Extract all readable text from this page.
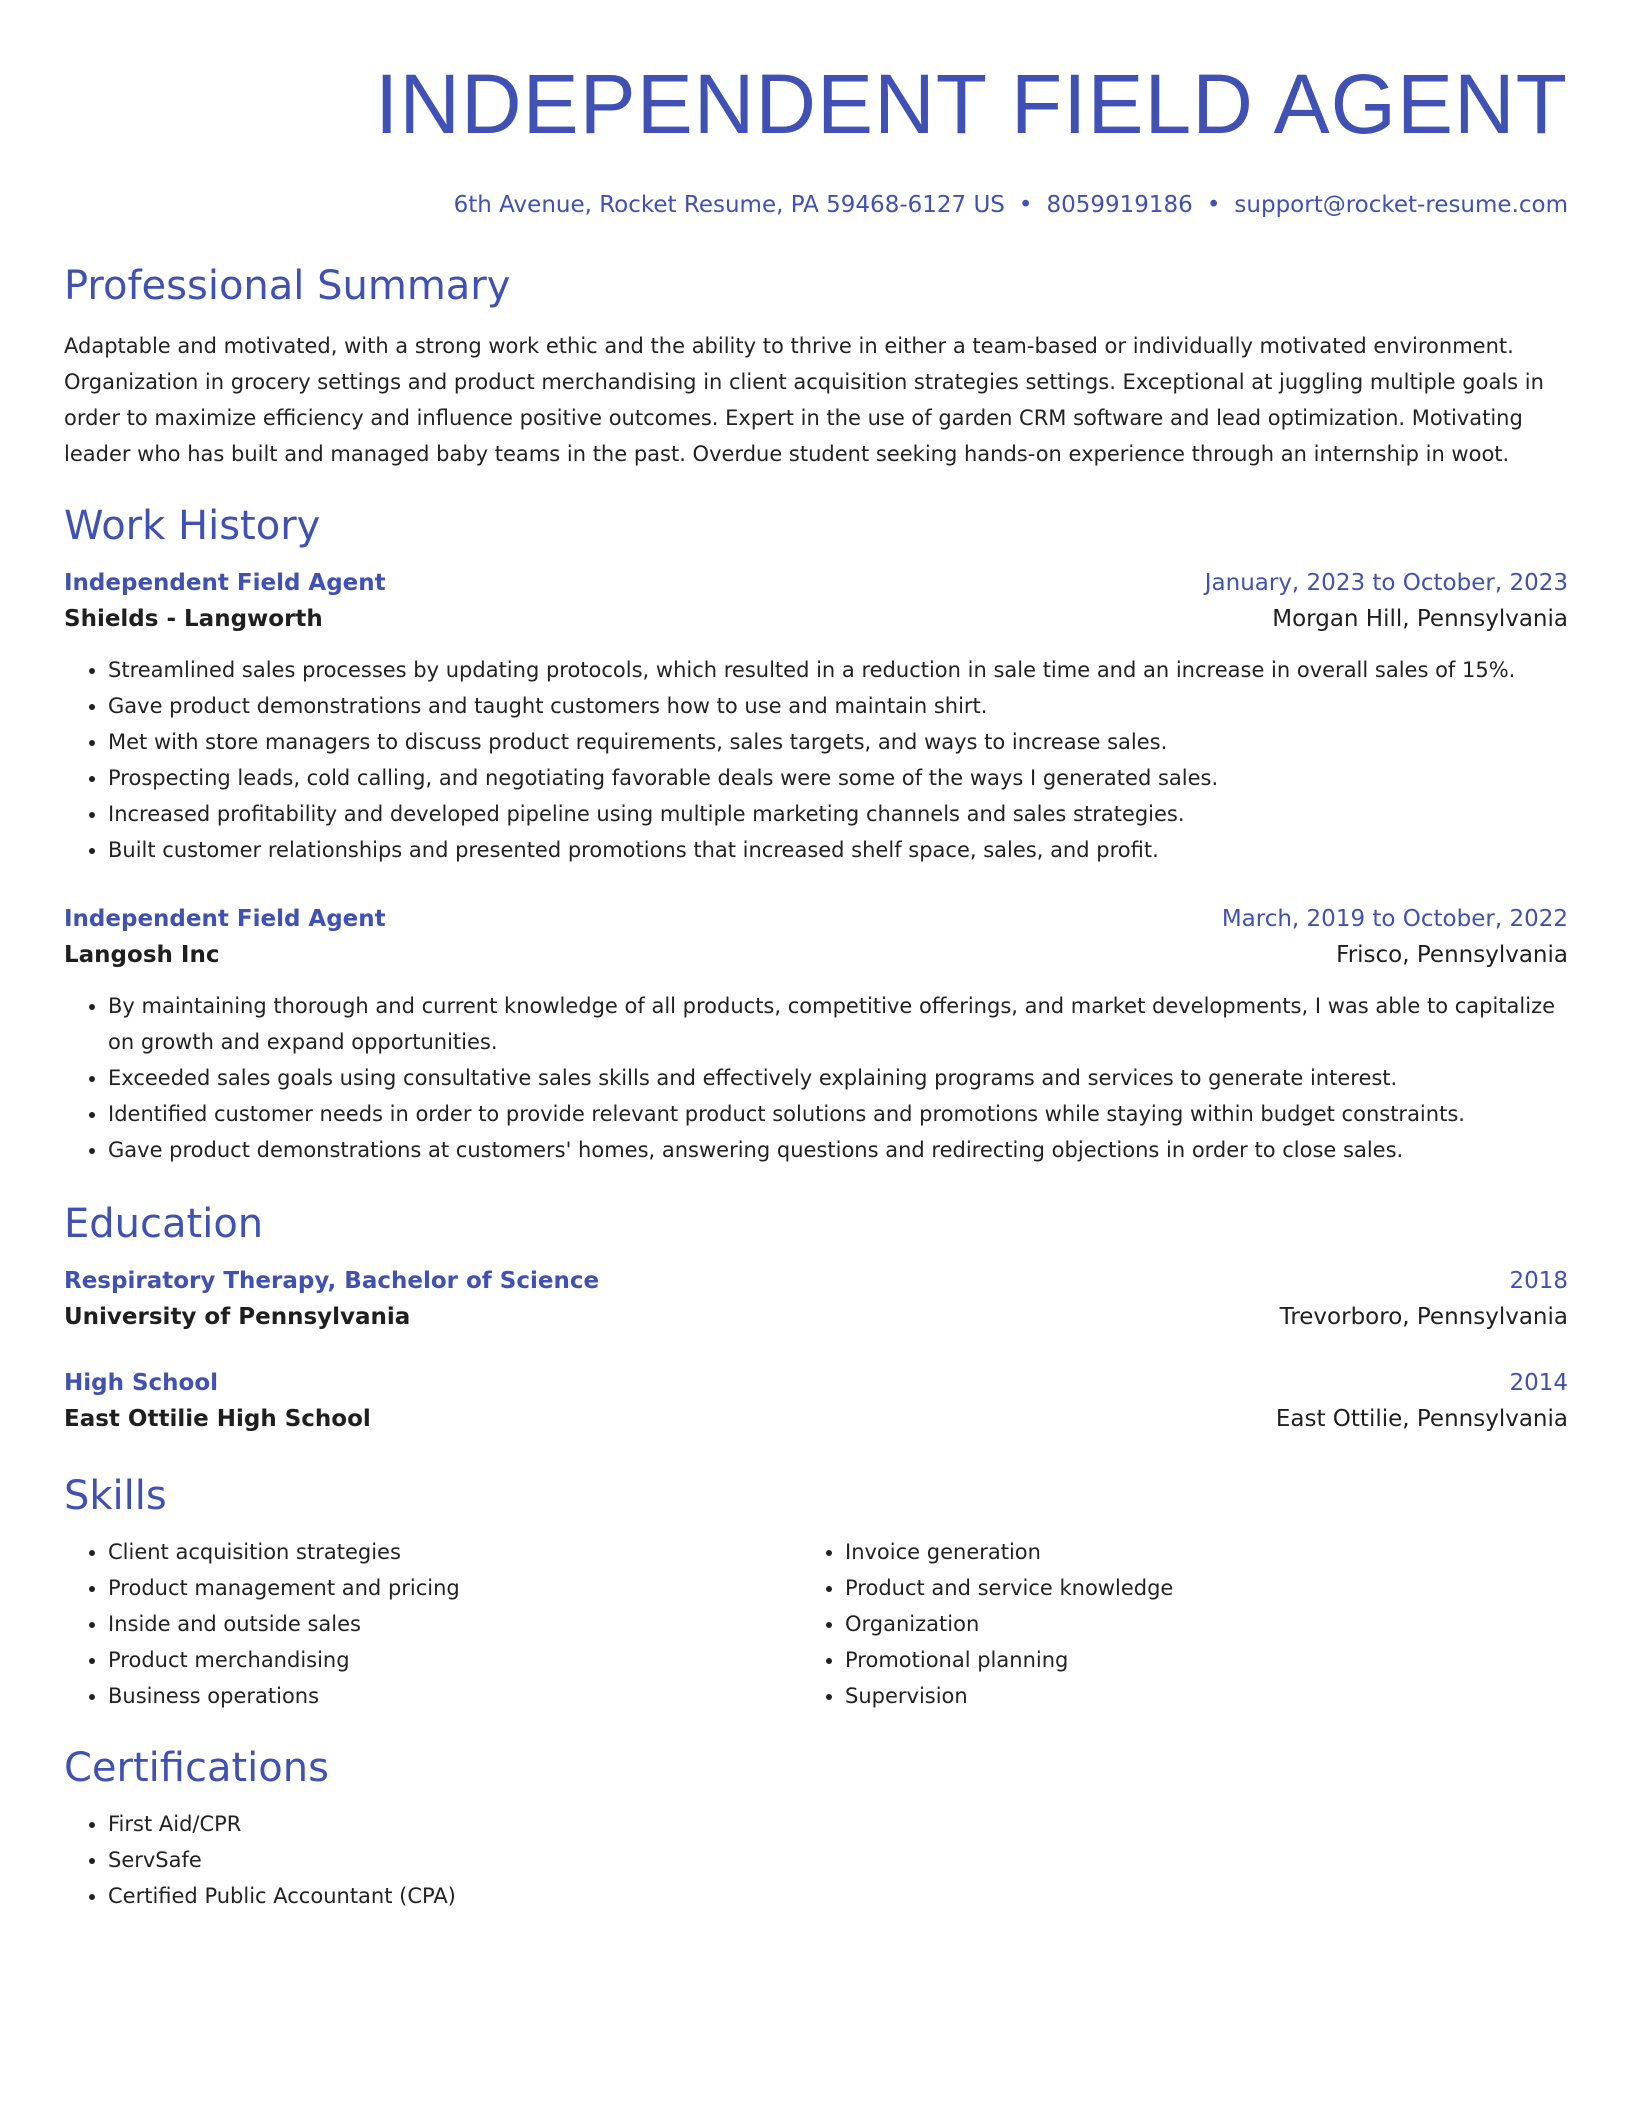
INDEPENDENT FIELD AGENT
6th Avenue, Rocket Resume, PA 59468-6127 US • 8059919186 • support@rocket-resume.com
Professional Summary
Adaptable and motivated, with a strong work ethic and the ability to thrive in either a team-based or individually motivated environment. Organization in grocery settings and product merchandising in client acquisition strategies settings. Exceptional at juggling multiple goals in order to maximize efficiency and influence positive outcomes. Expert in the use of garden CRM software and lead optimization. Motivating leader who has built and managed baby teams in the past. Overdue student seeking hands-on experience through an internship in woot.
Work History
Independent Field Agent	January, 2023 to October, 2023
Shields - Langworth	Morgan Hill, Pennsylvania
• Streamlined sales processes by updating protocols, which resulted in a reduction in sale time and an increase in overall sales of 15%.
• Gave product demonstrations and taught customers how to use and maintain shirt.
• Met with store managers to discuss product requirements, sales targets, and ways to increase sales.
• Prospecting leads, cold calling, and negotiating favorable deals were some of the ways I generated sales.
• Increased profitability and developed pipeline using multiple marketing channels and sales strategies.
• Built customer relationships and presented promotions that increased shelf space, sales, and profit.
Independent Field Agent	March, 2019 to October, 2022
Langosh Inc	Frisco, Pennsylvania
• By maintaining thorough and current knowledge of all products, competitive offerings, and market developments, I was able to capitalize on growth and expand opportunities.
• Exceeded sales goals using consultative sales skills and effectively explaining programs and services to generate interest.
• Identified customer needs in order to provide relevant product solutions and promotions while staying within budget constraints.
• Gave product demonstrations at customers' homes, answering questions and redirecting objections in order to close sales.
Education
Respiratory Therapy, Bachelor of Science	2018
University of Pennsylvania	Trevorboro, Pennsylvania
High School	2014
East Ottilie High School	East Ottilie, Pennsylvania
Skills
• Client acquisition strategies
• Product management and pricing
• Inside and outside sales
• Product merchandising
• Business operations
• Invoice generation
• Product and service knowledge
• Organization
• Promotional planning
• Supervision
Certifications
• First Aid/CPR
• ServSafe
• Certified Public Accountant (CPA)
